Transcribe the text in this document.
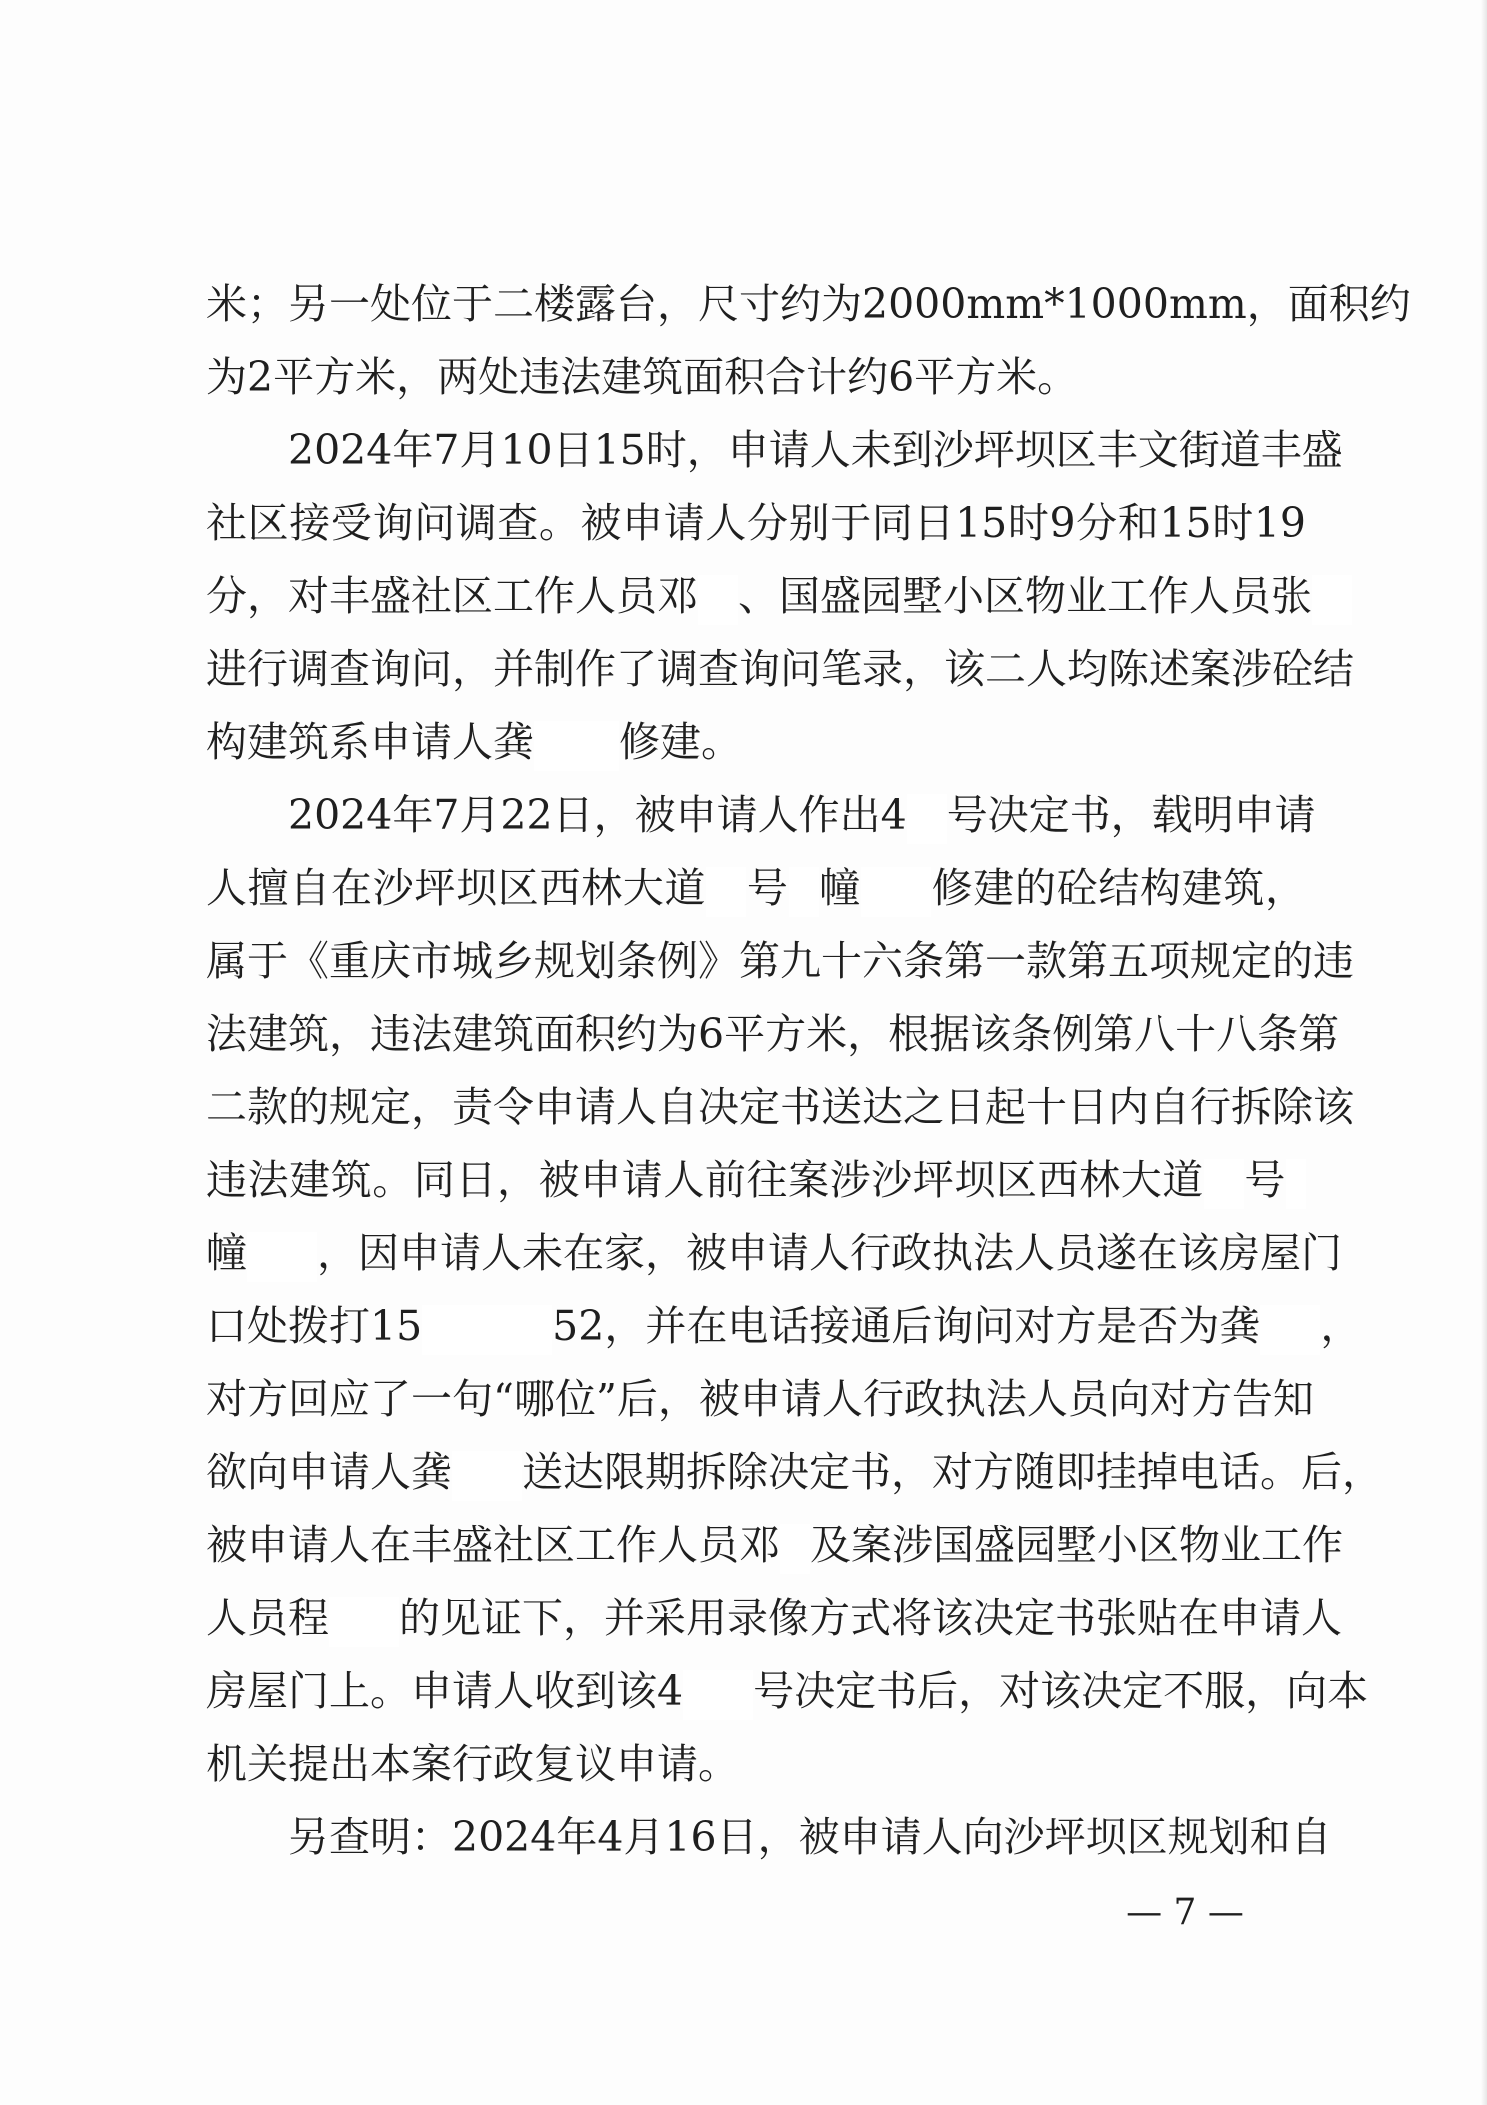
米；另一处位于二楼露台，尺寸约为2000mm*1000mm，面积约
为2平方米，两处违法建筑面积合计约6平方米。
2024年7月10日15时，申请人未到沙坪坝区丰文街道丰盛
社区接受询问调查。被申请人分别于同日15时9分和15时19
分，对丰盛社区工作人员邓 、国盛园墅小区物业工作人员张
进行调查询问，并制作了调查询问笔录，该二人均陈述案涉砼结
构建筑系申请人龚 修建。
2024年7月22日，被申请人作出4 号决定书，载明申请
人擅自在沙坪坝区西林大道 号 幢 修建的砼结构建筑，
属于《重庆市城乡规划条例》第九十六条第一款第五项规定的违
法建筑，违法建筑面积约为6平方米，根据该条例第八十八条第
二款的规定，责令申请人自决定书送达之日起十日内自行拆除该
违法建筑。同日，被申请人前往案涉沙坪坝区西林大道 号
幢 ，因申请人未在家，被申请人行政执法人员遂在该房屋门
口处拨打15	52，并在电话接通后询问对方是否为龚 ，
对方回应了一句“哪位”后，被申请人行政执法人员向对方告知
欲向申请人龚 送达限期拆除决定书，对方随即挂掉电话。后，
被申请人在丰盛社区工作人员邓 及案涉国盛园墅小区物业工作
人员程 的见证下，并采用录像方式将该决定书张贴在申请人
房屋门上。申请人收到该4 号决定书后，对该决定不服，向本
机关提出本案行政复议申请。
另查明：2024年4月16日，被申请人向沙坪坝区规划和自
— 7 —
